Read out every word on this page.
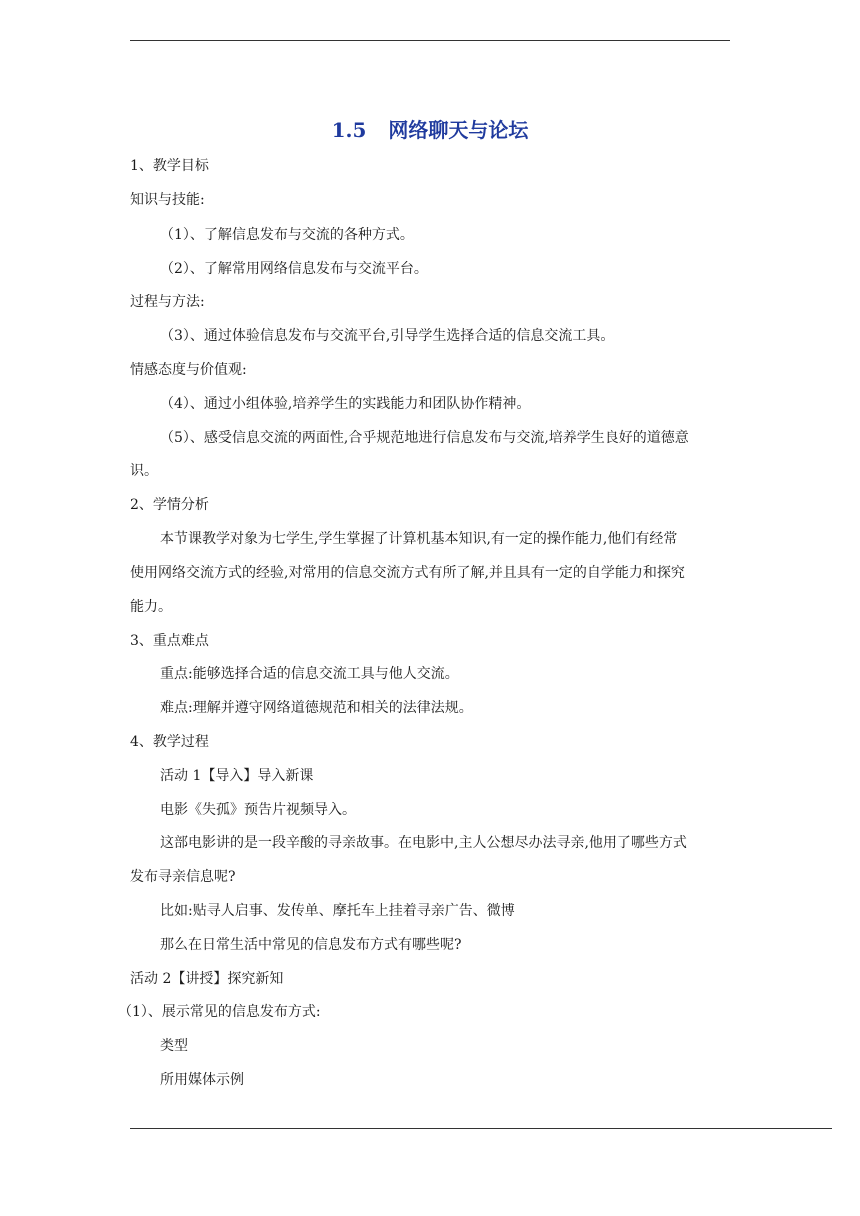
1.5 网络聊天与论坛
1、教学目标
知识与技能:
（1）、了解信息发布与交流的各种方式。
（2）、了解常用网络信息发布与交流平台。
过程与方法:
（3）、通过体验信息发布与交流平台,引导学生选择合适的信息交流工具。
情感态度与价值观:
（4）、通过小组体验,培养学生的实践能力和团队协作精神。
（5）、感受信息交流的两面性,合乎规范地进行信息发布与交流,培养学生良好的道德意
识。
2、学情分析
本节课教学对象为七学生,学生掌握了计算机基本知识,有一定的操作能力,他们有经常
使用网络交流方式的经验,对常用的信息交流方式有所了解,并且具有一定的自学能力和探究
能力。
3、重点难点
重点:能够选择合适的信息交流工具与他人交流。
难点:理解并遵守网络道德规范和相关的法律法规。
4、教学过程
活动 1【导入】导入新课
电影《失孤》预告片视频导入。
这部电影讲的是一段辛酸的寻亲故事。在电影中,主人公想尽办法寻亲,他用了哪些方式
发布寻亲信息呢?
比如:贴寻人启事、发传单、摩托车上挂着寻亲广告、微博
那么在日常生活中常见的信息发布方式有哪些呢?
活动 2【讲授】探究新知
（1）、展示常见的信息发布方式:
类型
所用媒体示例
